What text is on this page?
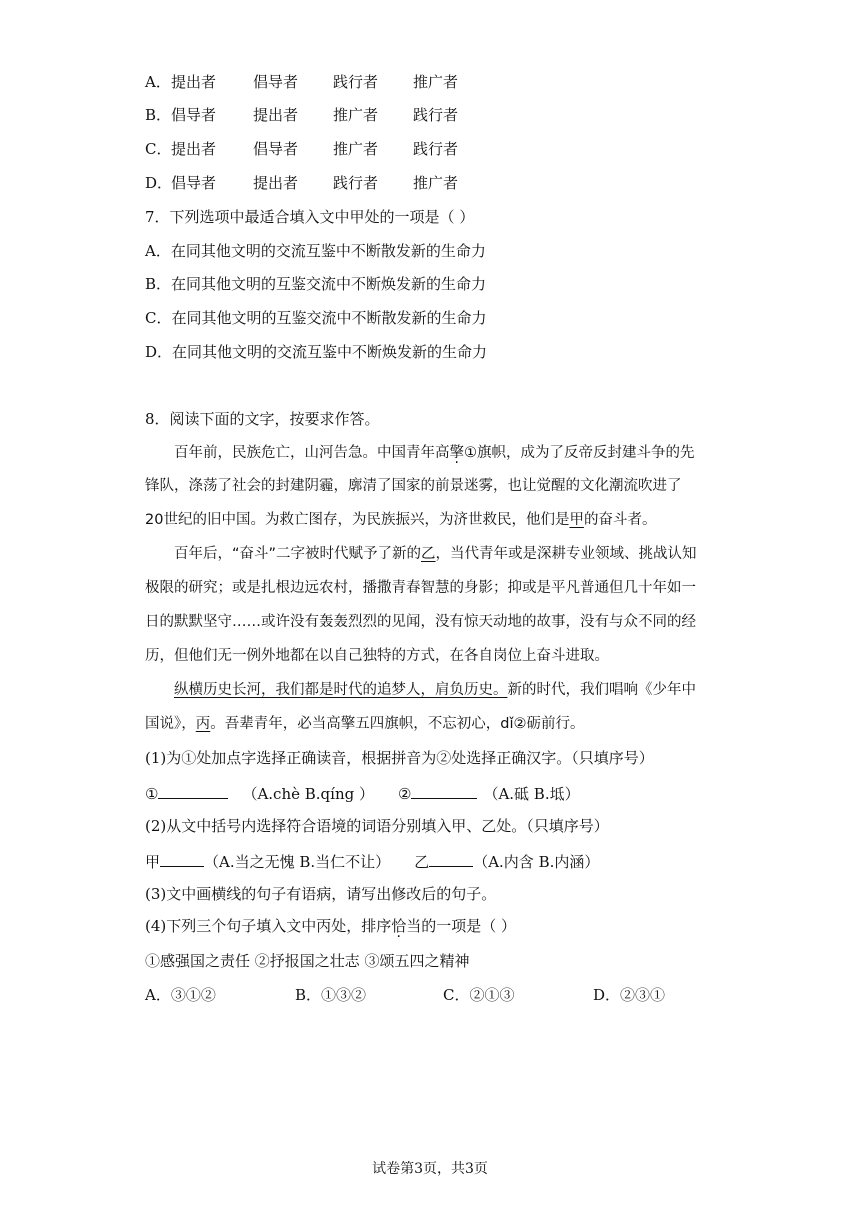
A．提出者 倡导者 践行者 推广者
B．倡导者 提出者 推广者 践行者
C．提出者 倡导者 推广者 践行者
D．倡导者 提出者 践行者 推广者
7．下列选项中最适合填入文中甲处的一项是（ ）
A．在同其他文明的交流互鉴中不断散发新的生命力
B．在同其他文明的互鉴交流中不断焕发新的生命力
C．在同其他文明的互鉴交流中不断散发新的生命力
D．在同其他文明的交流互鉴中不断焕发新的生命力
8．阅读下面的文字，按要求作答。
百年前，民族危亡，山河告急。中国青年高擎①旗帜，成为了反帝反封建斗争的先
锋队，涤荡了社会的封建阴霾，廓清了国家的前景迷雾，也让觉醒的文化潮流吹进了
20世纪的旧中国。为救亡图存，为民族振兴，为济世救民，他们是甲的奋斗者。
百年后，“奋斗”二字被时代赋予了新的乙，当代青年或是深耕专业领域、挑战认知
极限的研究；或是扎根边远农村，播撒青春智慧的身影；抑或是平凡普通但几十年如一
日的默默坚守……或许没有轰轰烈烈的见闻，没有惊天动地的故事，没有与众不同的经
历，但他们无一例外地都在以自己独特的方式，在各自岗位上奋斗进取。
纵横历史长河，我们都是时代的追梦人，肩负历史。新的时代，我们唱响《少年中
国说》，丙。吾辈青年，必当高擎五四旗帜，不忘初心，dǐ②砺前行。
(1)为①处加点字选择正确读音，根据拼音为②处选择正确汉字。（只填序号）
①	（A.chè B.qíng ） ②	（A.砥 B.坻）
(2)从文中括号内选择符合语境的词语分别填入甲、乙处。（只填序号）
甲	（A.当之无愧 B.当仁不让） 乙	（A.内含 B.内涵）
(3)文中画横线的句子有语病，请写出修改后的句子。
(4)下列三个句子填入文中丙处，排序恰当的一项是（ ）
①感强国之责任 ②抒报国之壮志 ③颂五四之精神
A．③①②	B．①③②	C．②①③	D．②③①
试卷第3页，共3页
